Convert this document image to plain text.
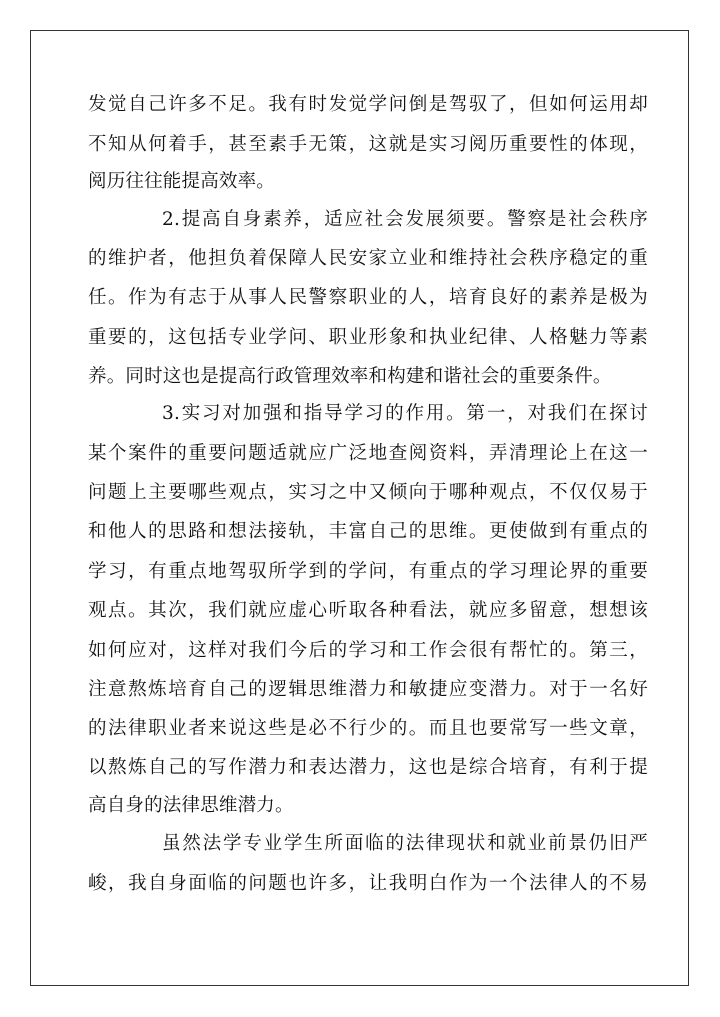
发觉自己许多不足。我有时发觉学问倒是驾驭了，但如何运用却
不知从何着手，甚至素手无策，这就是实习阅历重要性的体现，
阅历往往能提高效率。
2.提高自身素养，适应社会发展须要。警察是社会秩序
的维护者，他担负着保障人民安家立业和维持社会秩序稳定的重
任。作为有志于从事人民警察职业的人，培育良好的素养是极为
重要的，这包括专业学问、职业形象和执业纪律、人格魅力等素
养。同时这也是提高行政管理效率和构建和谐社会的重要条件。
3.实习对加强和指导学习的作用。第一，对我们在探讨
某个案件的重要问题适就应广泛地查阅资料，弄清理论上在这一
问题上主要哪些观点，实习之中又倾向于哪种观点，不仅仅易于
和他人的思路和想法接轨，丰富自己的思维。更使做到有重点的
学习，有重点地驾驭所学到的学问，有重点的学习理论界的重要
观点。其次，我们就应虚心听取各种看法，就应多留意，想想该
如何应对，这样对我们今后的学习和工作会很有帮忙的。第三，
注意熬炼培育自己的逻辑思维潜力和敏捷应变潜力。对于一名好
的法律职业者来说这些是必不行少的。而且也要常写一些文章，
以熬炼自己的写作潜力和表达潜力，这也是综合培育，有利于提
高自身的法律思维潜力。
虽然法学专业学生所面临的法律现状和就业前景仍旧严
峻，我自身面临的问题也许多，让我明白作为一个法律人的不易
